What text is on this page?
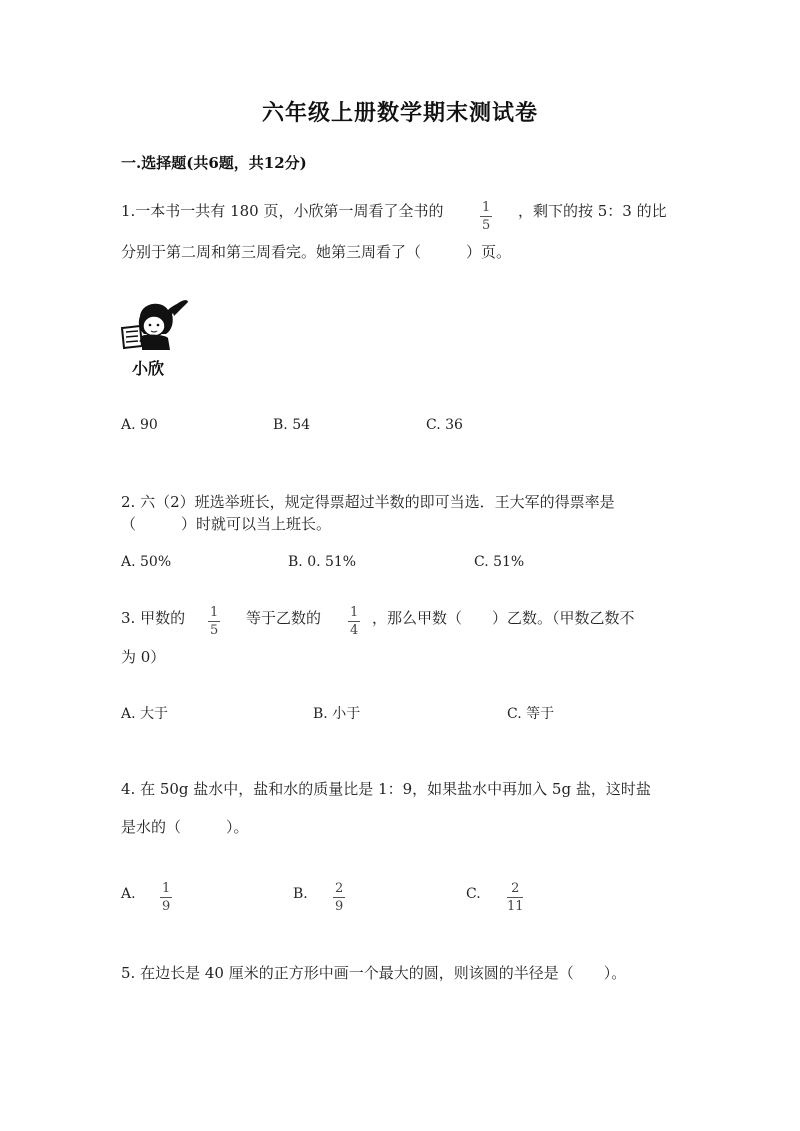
六年级上册数学期末测试卷
一.选择题(共6题，共12分)
1.一本书一共有 180 页，小欣第一周看了全书的	$\frac{1}{5}$ ，剩下的按 5：3 的比
分别于第二周和第三周看完。她第三周看了（　　　）页。
小欣
A. 90	B. 54	C. 36
2. 六（2）班选举班长，规定得票超过半数的即可当选．王大军的得票率是
（　　　）时就可以当上班长。
A. 50%	B. 0. 51%	C. 51%
3. 甲数的 $\frac{1}{5}$ 等于乙数的 $\frac{1}{4}$ ，那么甲数（　　）乙数。（甲数乙数不
为 0）
A. 大于	B. 小于	C. 等于
4. 在 50g 盐水中，盐和水的质量比是 1：9，如果盐水中再加入 5g 盐，这时盐
是水的（　　　）。
A. $\frac{1}{9}$	B. $\frac{2}{9}$	C. $\frac{2}{11}$
5. 在边长是 40 厘米的正方形中画一个最大的圆，则该圆的半径是（　　）。
